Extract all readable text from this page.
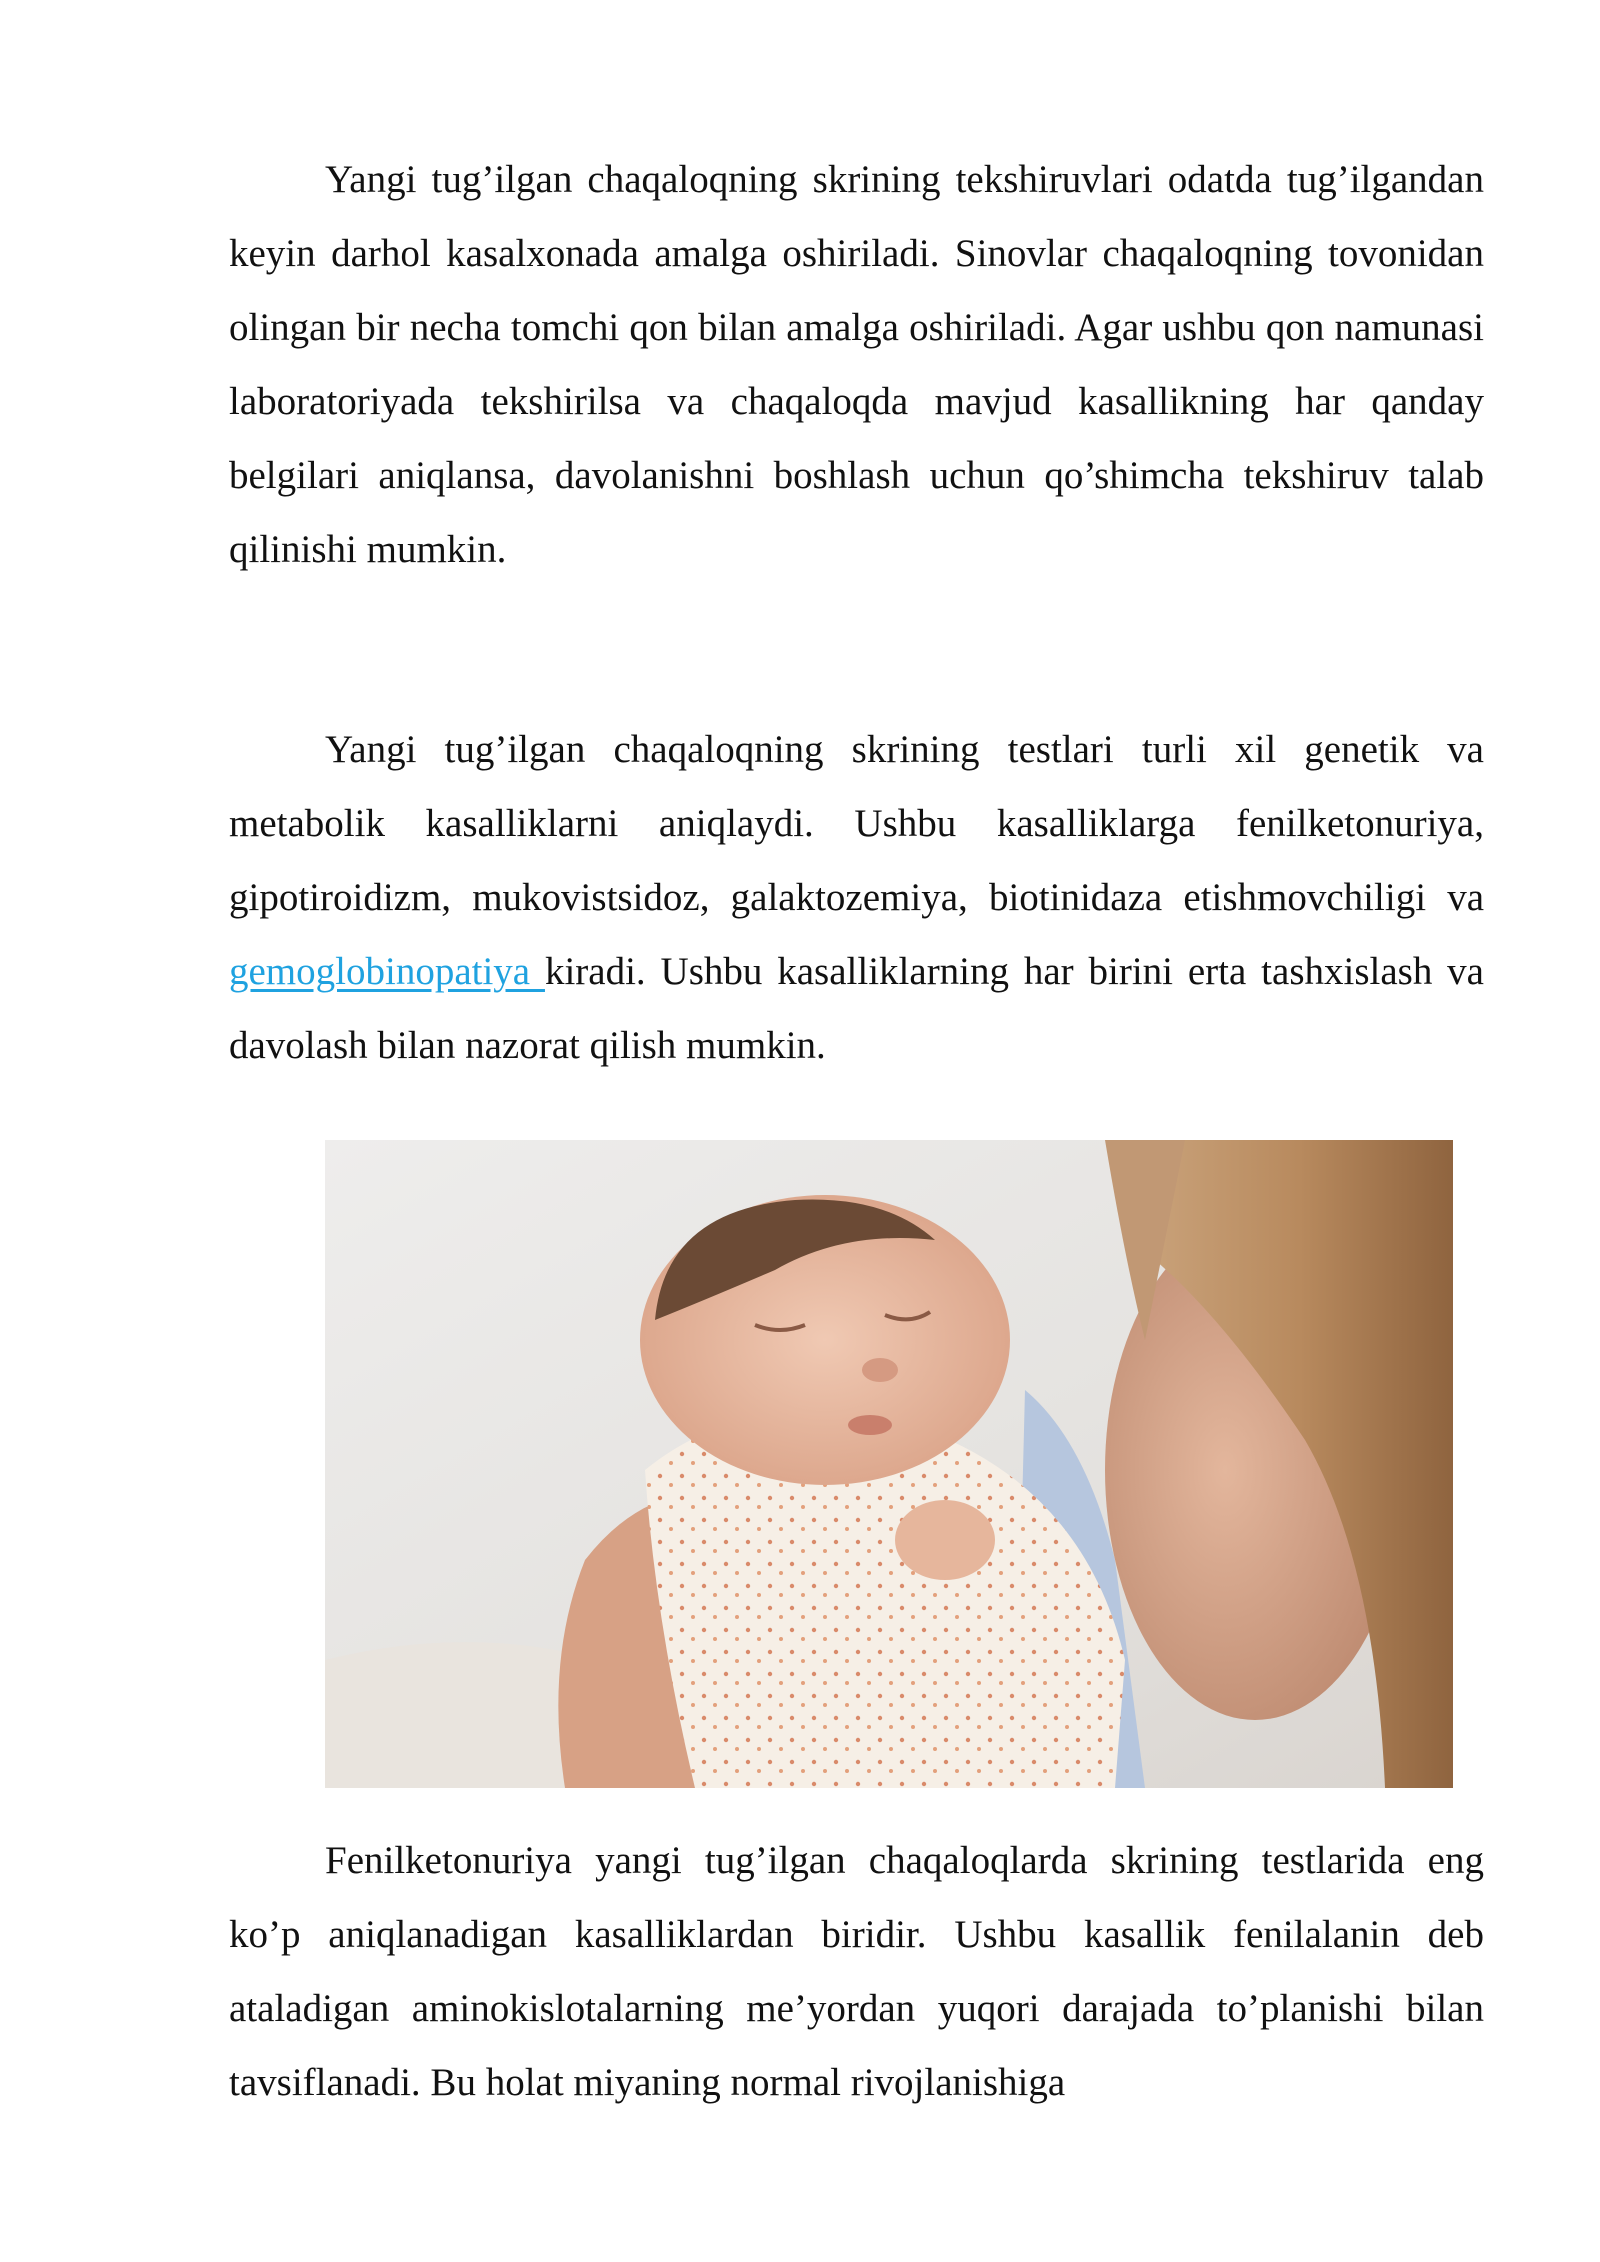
Yangi tug’ilgan chaqaloqning skrining tekshiruvlari odatda tug’ilgandan keyin darhol kasalxonada amalga oshiriladi. Sinovlar chaqaloqning tovonidan olingan bir necha tomchi qon bilan amalga oshiriladi. Agar ushbu qon namunasi laboratoriyada tekshirilsa va chaqaloqda mavjud kasallikning har qanday belgilari aniqlansa, davolanishni boshlash uchun qo’shimcha tekshiruv talab qilinishi mumkin.

Yangi tug’ilgan chaqaloqning skrining testlari turli xil genetik va metabolik kasalliklarni aniqlaydi. Ushbu kasalliklarga fenilketonuriya, gipotiroidizm, mukovistsidoz, galaktozemiya, biotinidaza etishmovchiligi va gemoglobinopatiya kiradi. Ushbu kasalliklarning har birini erta tashxislash va davolash bilan nazorat qilish mumkin.

Fenilketonuriya yangi tug’ilgan chaqaloqlarda skrining testlarida eng ko’p aniqlanadigan kasalliklardan biridir. Ushbu kasallik fenilalanin deb ataladigan aminokislotalarning me’yordan yuqori darajada to’planishi bilan tavsiflanadi. Bu holat miyaning normal rivojlanishiga
